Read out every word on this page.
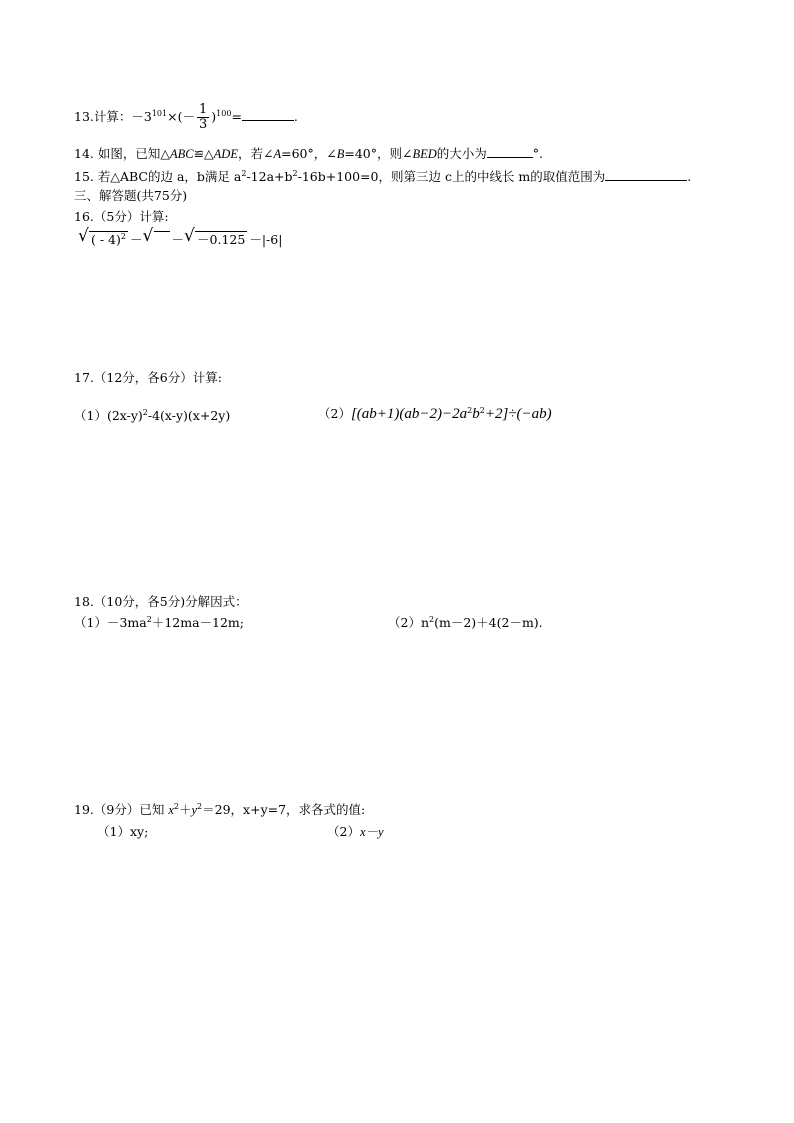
13.计算：$-3^{101}\times(- \frac{1}{3} )^{100}=$	.
14. 如图，已知△ABC≌△ADE，若∠A=60°，∠B=40°，则∠BED的大小为	°.
15. 若△ABC的边 a，b满足 $a^2-12a+b^2-16b+100=0$，则第三边 c上的中线长 m的取值范围为	.
三、解答题(共75分)
16.（5分）计算:
√ ( - 4)$^2$ － √ － √ －0.125 －|-6|
17.（12分，各6分）计算:
$(1)(2x-y)^2-4(x-y)(x+2y)$	$(2)[(ab+1)(ab-2)-2a^2b^2+2]\div(-ab)$
18.（10分，各5分)分解因式：
$(1)-3ma^2+12ma-12m$;	$(2)n^2(m-2)+4(2-m)$.
19.（9分）已知 $x^2+y^2=29$，x+y=7，求各式的值:
（1）xy;	（2）x－y
